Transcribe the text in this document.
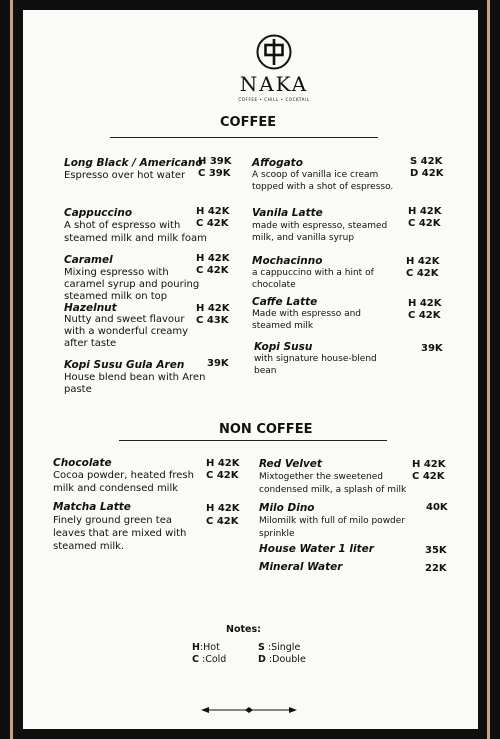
NAKA
COFFEE • CHILL • COCKTAIL
COFFEE
Long Black / Americano
Espresso over hot water
H 39K
C 39K
Cappuccino
A shot of espresso with
steamed milk and milk foam
H 42K
C 42K
Caramel
Mixing espresso with
caramel syrup and pouring
steamed milk on top
H 42K
C 42K
Hazelnut
Nutty and sweet flavour
with a wonderful creamy
after taste
H 42K
C 43K
Kopi Susu Gula Aren
House blend bean with Aren
paste
39K
Affogato
A scoop of vanilla ice cream
topped with a shot of espresso.
S 42K
D 42K
Vanila Latte
made with espresso, steamed
milk, and vanilla syrup
H 42K
C 42K
Mochacinno
a cappuccino with a hint of
chocolate
H 42K
C 42K
Caffe Latte
Made with espresso and
steamed milk
H 42K
C 42K
Kopi Susu
with signature house-blend
bean
39K
NON COFFEE
Chocolate
Cocoa powder, heated fresh
milk and condensed milk
H 42K
C 42K
Matcha Latte
Finely ground green tea
leaves that are mixed with
steamed milk.
H 42K
C 42K
Red Velvet
Mixtogether the sweetened
condensed milk, a splash of milk
H 42K
C 42K
Milo Dino
Milomilk with full of milo powder
sprinkle
40K
House Water 1 liter	35K
Mineral Water	22K
Notes:
H:Hot
C :Cold
S :Single
D :Double
